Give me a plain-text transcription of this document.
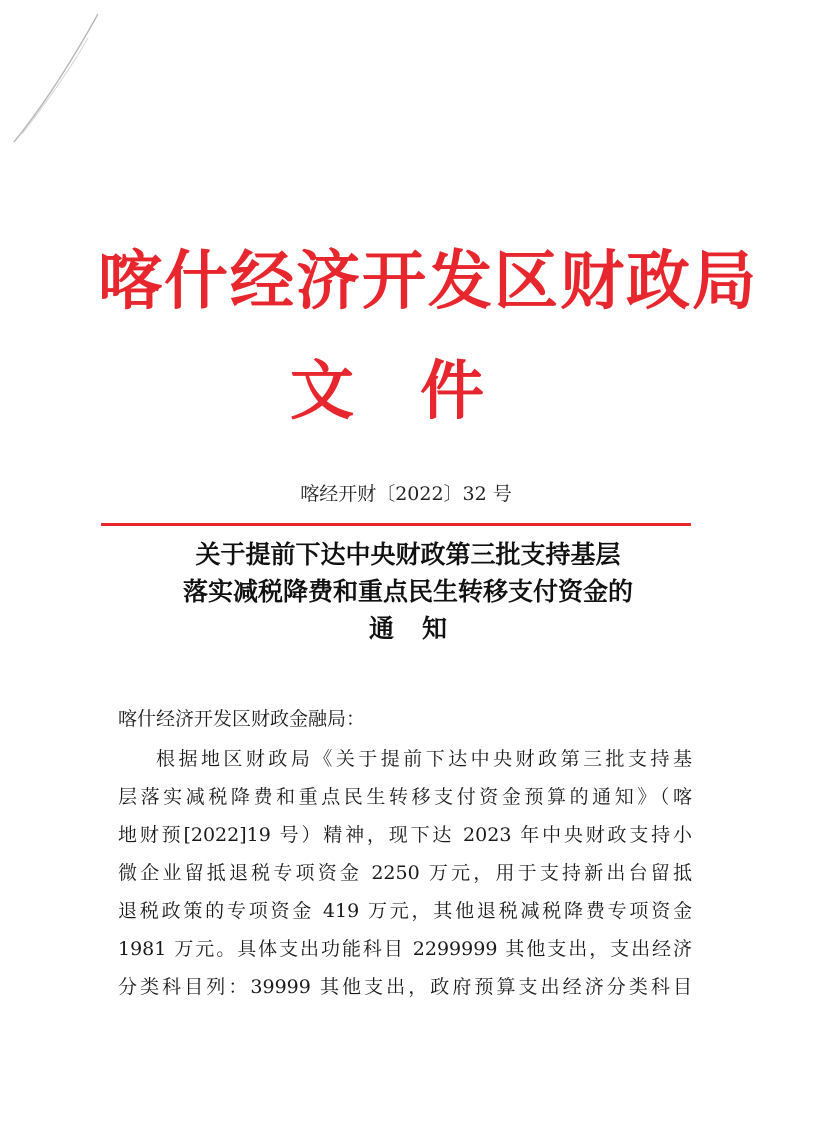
喀什经济开发区财政局
文件
喀经开财〔2022〕32 号
关于提前下达中央财政第三批支持基层
落实减税降费和重点民生转移支付资金的
通知
喀什经济开发区财政金融局：
根据地区财政局《关于提前下达中央财政第三批支持基
层落实减税降费和重点民生转移支付资金预算的通知》（喀
地财预[2022]19 号）精神，现下达 2023 年中央财政支持小
微企业留抵退税专项资金 2250 万元，用于支持新出台留抵
退税政策的专项资金 419 万元，其他退税减税降费专项资金
1981 万元。具体支出功能科目 2299999 其他支出，支出经济
分类科目列：39999 其他支出，政府预算支出经济分类科目
